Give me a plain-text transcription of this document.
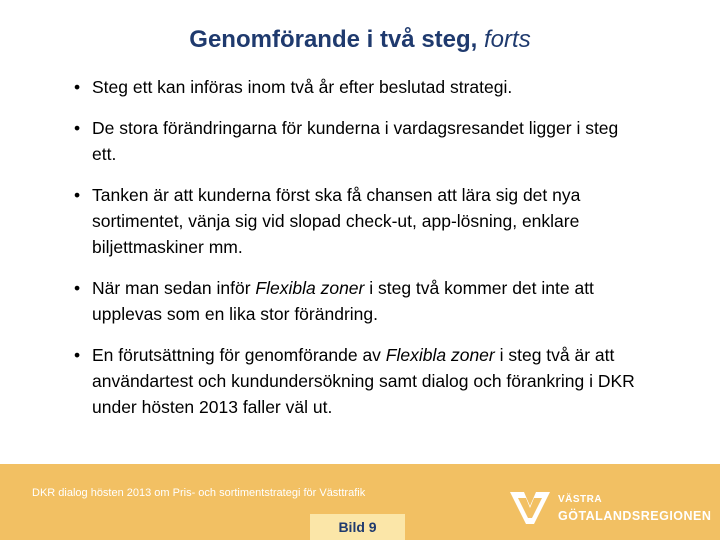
Genomförande i två steg, forts
• Steg ett kan införas inom två år efter beslutad strategi.
• De stora förändringarna för kunderna i vardagsresandet ligger i steg ett.
• Tanken är att kunderna först ska få chansen att lära sig det nya sortimentet, vänja sig vid slopad check-ut, app-lösning, enklare biljettmaskiner mm.
• När man sedan inför Flexibla zoner i steg två kommer det inte att upplevas som en lika stor förändring.
• En förutsättning för genomförande av Flexibla zoner i steg två är att användartest och kundundersökning samt dialog och förankring i DKR under hösten 2013 faller väl ut.
DKR dialog hösten 2013 om Pris- och sortimentstrategi för Västtrafik
Bild 9
VÄSTRA
GÖTALANDSREGIONEN
